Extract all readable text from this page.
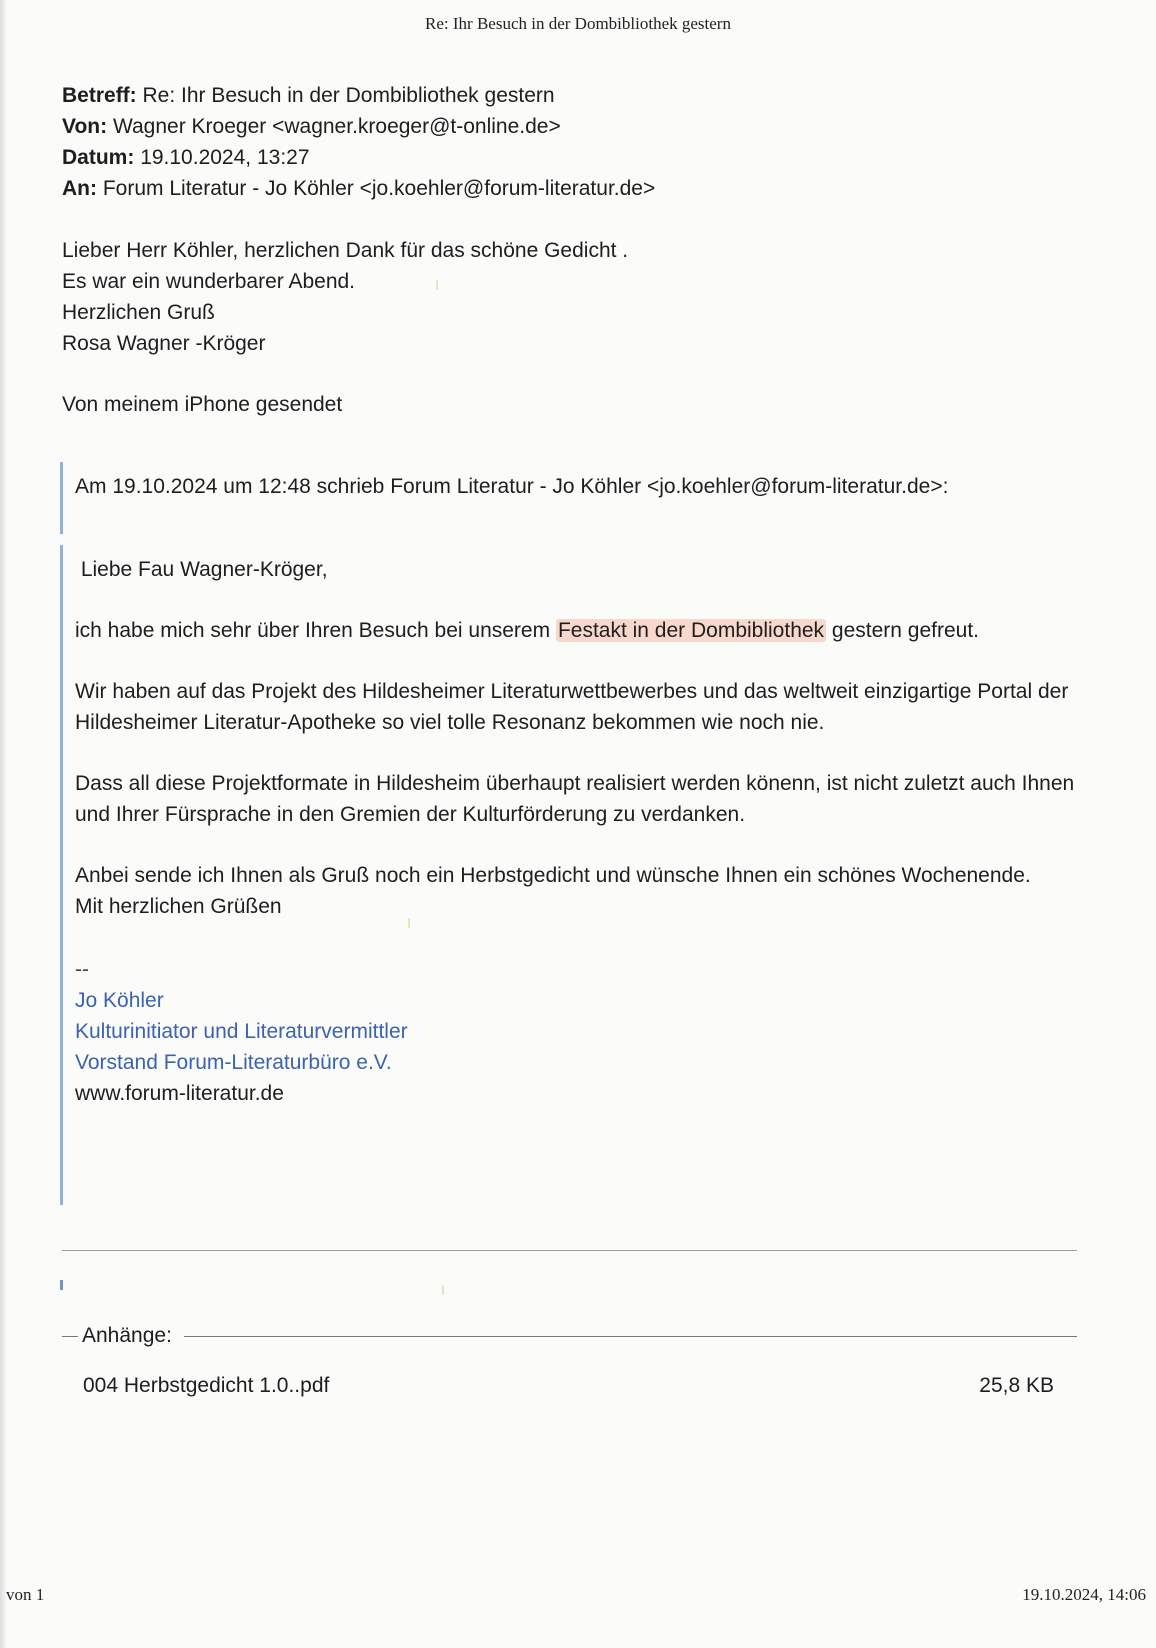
Re: Ihr Besuch in der Dombibliothek gestern
Betreff: Re: Ihr Besuch in der Dombibliothek gestern
Von: Wagner Kroeger <wagner.kroeger@t-online.de>
Datum: 19.10.2024, 13:27
An: Forum Literatur - Jo Köhler <jo.koehler@forum-literatur.de>
Lieber Herr Köhler, herzlichen Dank für das schöne Gedicht .
Es war ein wunderbarer Abend.
Herzlichen Gruß
Rosa Wagner -Kröger
Von meinem iPhone gesendet
Am 19.10.2024 um 12:48 schrieb Forum Literatur - Jo Köhler <jo.koehler@forum-literatur.de>:

Liebe Fau Wagner-Kröger,

ich habe mich sehr über Ihren Besuch bei unserem Festakt in der Dombibliothek gestern gefreut.

Wir haben auf das Projekt des Hildesheimer Literaturwettbewerbes und das weltweit einzigartige Portal der Hildesheimer Literatur-Apotheke so viel tolle Resonanz bekommen wie noch nie.

Dass all diese Projektformate in Hildesheim überhaupt realisiert werden könenn, ist nicht zuletzt auch Ihnen und Ihrer Fürsprache in den Gremien der Kulturförderung zu verdanken.

Anbei sende ich Ihnen als Gruß noch ein Herbstgedicht und wünsche Ihnen ein schönes Wochenende.

Mit herzlichen Grüßen

--
Jo Köhler
Kulturinitiator und Literaturvermittler
Vorstand Forum-Literaturbüro e.V.
www.forum-literatur.de
Anhänge:
004 Herbstgedicht 1.0..pdf	25,8 KB
von 1	19.10.2024, 14:06
